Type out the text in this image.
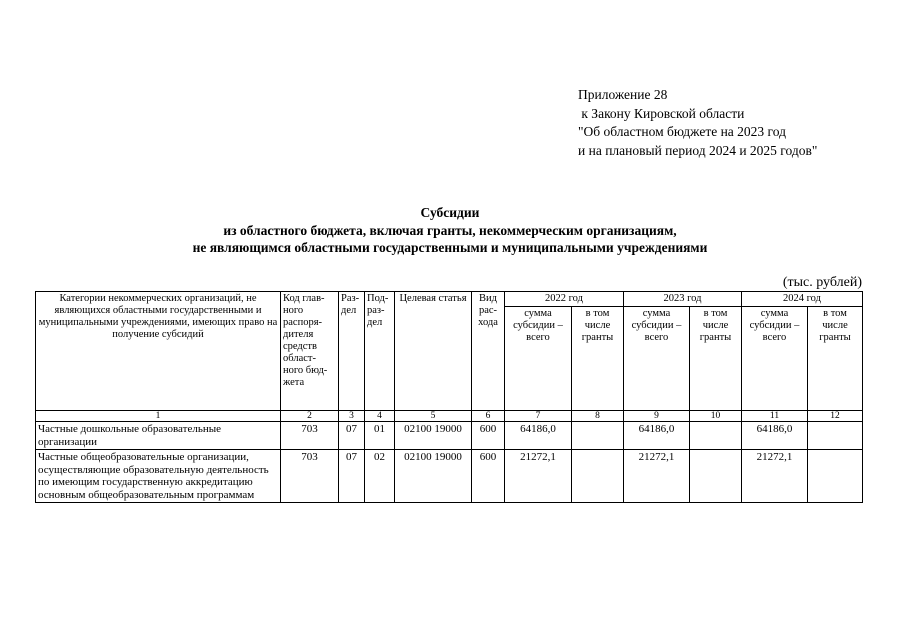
Приложение 28
к Закону Кировской области
"Об областном бюджете на 2023 год
и на плановый период 2024 и 2025 годов"
Субсидии
из областного бюджета, включая гранты, некоммерческим организациям,
не являющимся областными государственными и муниципальными учреждениями
(тыс. рублей)
Категории некоммерческих организаций, не являющихся областными государственными и муниципальными учреждениями, имеющих право на получение субсидий	Код глав-ного распоря-дителя средств област-ного бюд-жета	Раз-дел	Под-раз-дел	Целевая статья	Вид рас-хода	2022 год		2023 год		2024 год	
						сумма субсидии – всего	в том числе гранты	сумма субсидии – всего	в том числе гранты	сумма субсидии – всего	в том числе гранты
1	2	3	4	5	6	7	8	9	10	11	12
Частные дошкольные образовательные организации	703	07	01	02100 19000	600	64186,0		64186,0		64186,0	
Частные общеобразовательные организации, осуществляющие образовательную деятельность по имеющим государственную аккредитацию основным общеобразовательным программам	703	07	02	02100 19000	600	21272,1		21272,1		21272,1	
